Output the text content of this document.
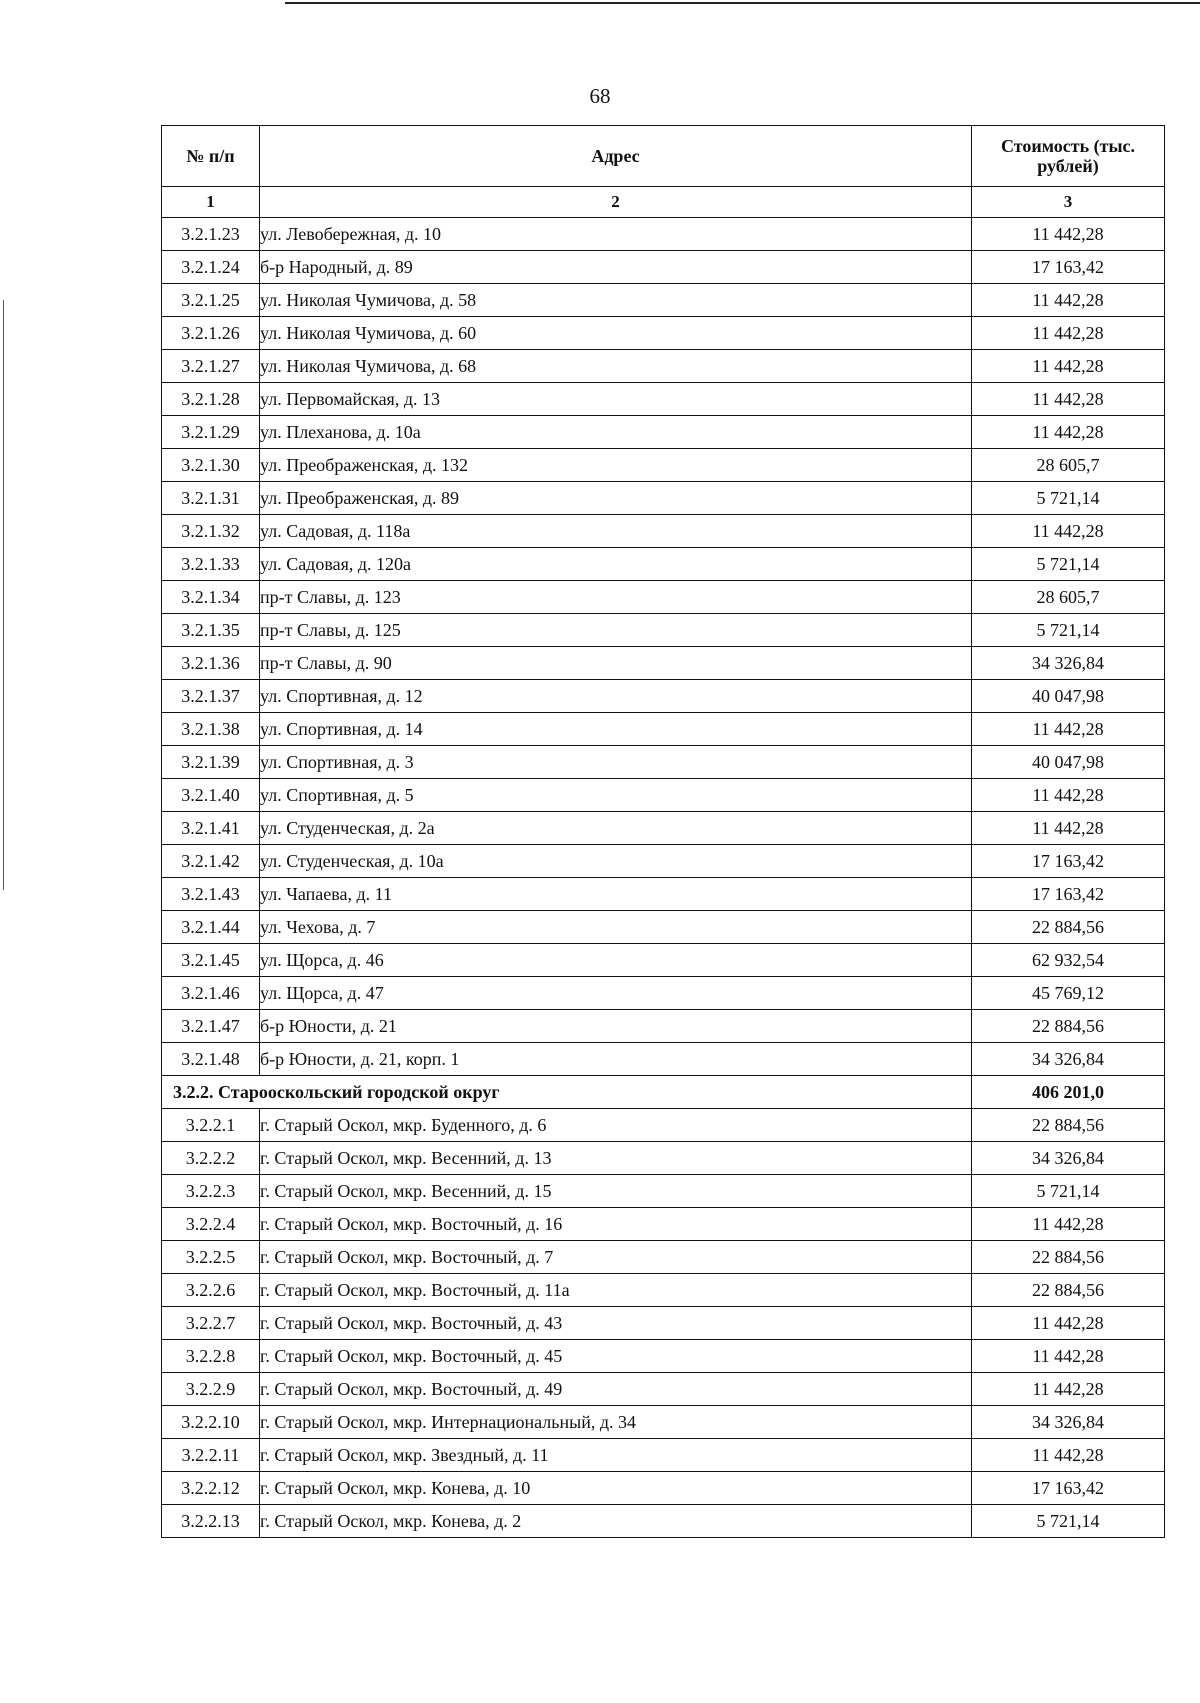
68
№ п/п	Адрес	Стоимость (тыс. рублей)
1	2	3
3.2.1.23	ул. Левобережная, д. 10	11 442,28
3.2.1.24	б-р Народный, д. 89	17 163,42
3.2.1.25	ул. Николая Чумичова, д. 58	11 442,28
3.2.1.26	ул. Николая Чумичова, д. 60	11 442,28
3.2.1.27	ул. Николая Чумичова, д. 68	11 442,28
3.2.1.28	ул. Первомайская, д. 13	11 442,28
3.2.1.29	ул. Плеханова, д. 10а	11 442,28
3.2.1.30	ул. Преображенская, д. 132	28 605,7
3.2.1.31	ул. Преображенская, д. 89	5 721,14
3.2.1.32	ул. Садовая, д. 118а	11 442,28
3.2.1.33	ул. Садовая, д. 120а	5 721,14
3.2.1.34	пр-т Славы, д. 123	28 605,7
3.2.1.35	пр-т Славы, д. 125	5 721,14
3.2.1.36	пр-т Славы, д. 90	34 326,84
3.2.1.37	ул. Спортивная, д. 12	40 047,98
3.2.1.38	ул. Спортивная, д. 14	11 442,28
3.2.1.39	ул. Спортивная, д. 3	40 047,98
3.2.1.40	ул. Спортивная, д. 5	11 442,28
3.2.1.41	ул. Студенческая, д. 2а	11 442,28
3.2.1.42	ул. Студенческая, д. 10а	17 163,42
3.2.1.43	ул. Чапаева, д. 11	17 163,42
3.2.1.44	ул. Чехова, д. 7	22 884,56
3.2.1.45	ул. Щорса, д. 46	62 932,54
3.2.1.46	ул. Щорса, д. 47	45 769,12
3.2.1.47	б-р Юности, д. 21	22 884,56
3.2.1.48	б-р Юности, д. 21, корп. 1	34 326,84
3.2.2. Старооскольский городской округ		406 201,0
3.2.2.1	г. Старый Оскол, мкр. Буденного, д. 6	22 884,56
3.2.2.2	г. Старый Оскол, мкр. Весенний, д. 13	34 326,84
3.2.2.3	г. Старый Оскол, мкр. Весенний, д. 15	5 721,14
3.2.2.4	г. Старый Оскол, мкр. Восточный, д. 16	11 442,28
3.2.2.5	г. Старый Оскол, мкр. Восточный, д. 7	22 884,56
3.2.2.6	г. Старый Оскол, мкр. Восточный, д. 11а	22 884,56
3.2.2.7	г. Старый Оскол, мкр. Восточный, д. 43	11 442,28
3.2.2.8	г. Старый Оскол, мкр. Восточный, д. 45	11 442,28
3.2.2.9	г. Старый Оскол, мкр. Восточный, д. 49	11 442,28
3.2.2.10	г. Старый Оскол, мкр. Интернациональный, д. 34	34 326,84
3.2.2.11	г. Старый Оскол, мкр. Звездный, д. 11	11 442,28
3.2.2.12	г. Старый Оскол, мкр. Конева, д. 10	17 163,42
3.2.2.13	г. Старый Оскол, мкр. Конева, д. 2	5 721,14
